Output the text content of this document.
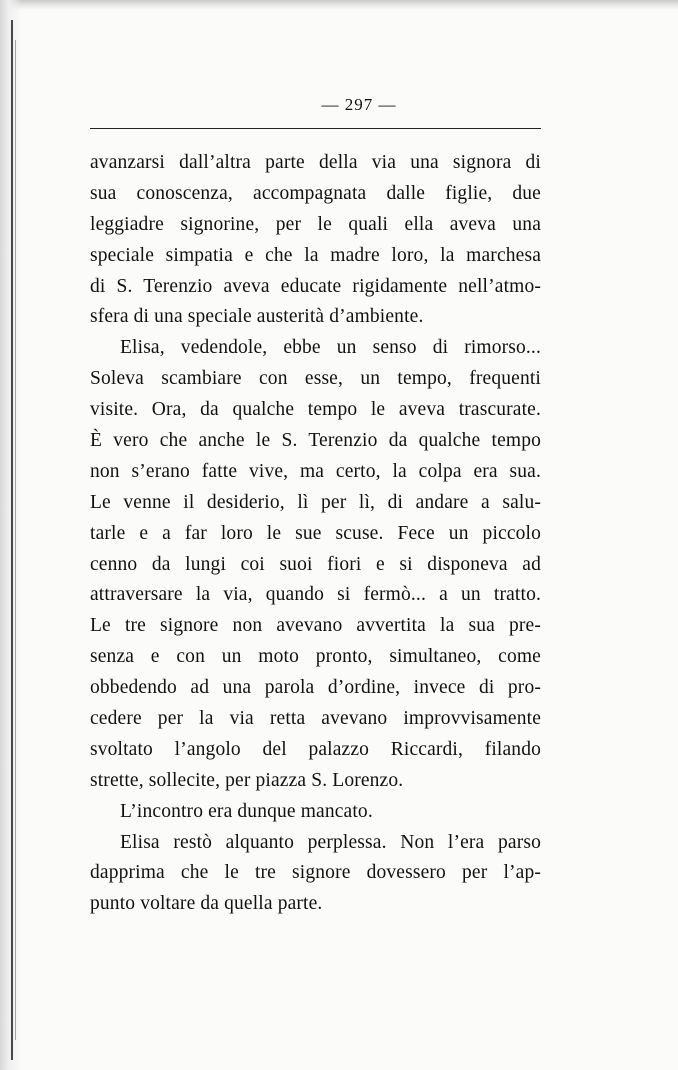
— 297 —
avanzarsi dall’altra parte della via una signora di
sua conoscenza, accompagnata dalle figlie, due
leggiadre signorine, per le quali ella aveva una
speciale simpatia e che la madre loro, la marchesa
di S. Terenzio aveva educate rigidamente nell’atmo-
sfera di una speciale austerità d’ambiente.
Elisa, vedendole, ebbe un senso di rimorso...
Soleva scambiare con esse, un tempo, frequenti
visite. Ora, da qualche tempo le aveva trascurate.
È vero che anche le S. Terenzio da qualche tempo
non s’erano fatte vive, ma certo, la colpa era sua.
Le venne il desiderio, lì per lì, di andare a salu-
tarle e a far loro le sue scuse. Fece un piccolo
cenno da lungi coi suoi fiori e si disponeva ad
attraversare la via, quando si fermò... a un tratto.
Le tre signore non avevano avvertita la sua pre-
senza e con un moto pronto, simultaneo, come
obbedendo ad una parola d’ordine, invece di pro-
cedere per la via retta avevano improvvisamente
svoltato l’angolo del palazzo Riccardi, filando
strette, sollecite, per piazza S. Lorenzo.
L’incontro era dunque mancato.
Elisa restò alquanto perplessa. Non l’era parso
dapprima che le tre signore dovessero per l’ap-
punto voltare da quella parte.
